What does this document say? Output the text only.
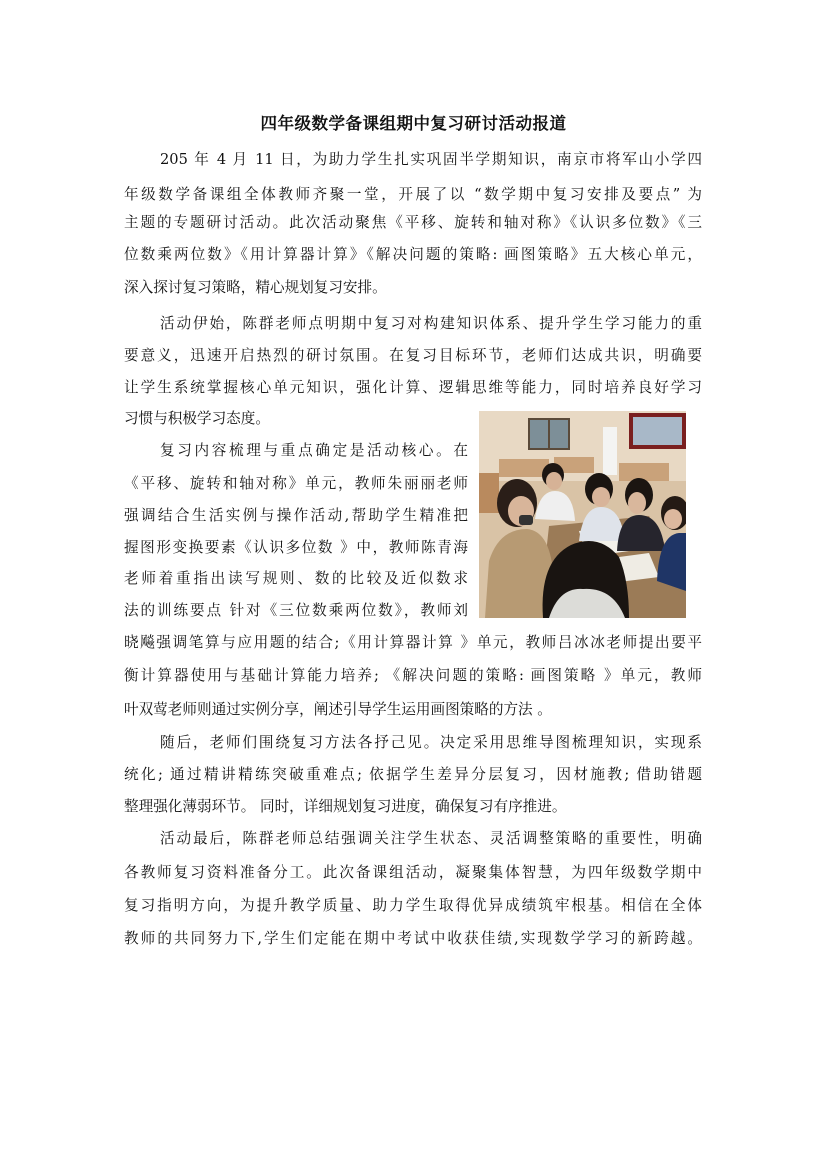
四年级数学备课组期中复习研讨活动报道
205 年 4 月 11 日，为助力学生扎实巩固半学期知识，南京市将军山小学四
年级数学备课组全体教师齐聚一堂，开展了以 “数学期中复习安排及要点” 为
主题的专题研讨活动。此次活动聚焦《平移、旋转和轴对称》《认识多位数》《三
位数乘两位数》《用计算器计算》《解决问题的策略: 画图策略》五大核心单元，
深入探讨复习策略，精心规划复习安排。
活动伊始，陈群老师点明期中复习对构建知识体系、提升学生学习能力的重
要意义，迅速开启热烈的研讨氛围。在复习目标环节，老师们达成共识，明确要
让学生系统掌握核心单元知识，强化计算、逻辑思维等能力，同时培养良好学习
习惯与积极学习态度。
复习内容梳理与重点确定是活动核心。在
《平移、旋转和轴对称》单元，教师朱丽丽老师
强调结合生活实例与操作活动,帮助学生精准把
握图形变换要素《认识多位数 》中，教师陈青海
老师着重指出读写规则、数的比较及近似数求
法的训练要点 针对《三位数乘两位数》，教师刘
晓飚强调笔算与应用题的结合;《用计算器计算 》单元，教师吕冰冰老师提出要平
衡计算器使用与基础计算能力培养; 《解决问题的策略: 画图策略 》单元，教师
叶双莺老师则通过实例分享，阐述引导学生运用画图策略的方法 。
随后，老师们围绕复习方法各抒己见。决定采用思维导图梳理知识，实现系
统化; 通过精讲精练突破重难点; 依据学生差异分层复习，因材施教; 借助错题
整理强化薄弱环节。 同时，详细规划复习进度，确保复习有序推进。
活动最后，陈群老师总结强调关注学生状态、灵活调整策略的重要性，明确
各教师复习资料准备分工。此次备课组活动，凝聚集体智慧，为四年级数学期中
复习指明方向，为提升教学质量、助力学生取得优异成绩筑牢根基。相信在全体
教师的共同努力下,学生们定能在期中考试中收获佳绩,实现数学学习的新跨越。
